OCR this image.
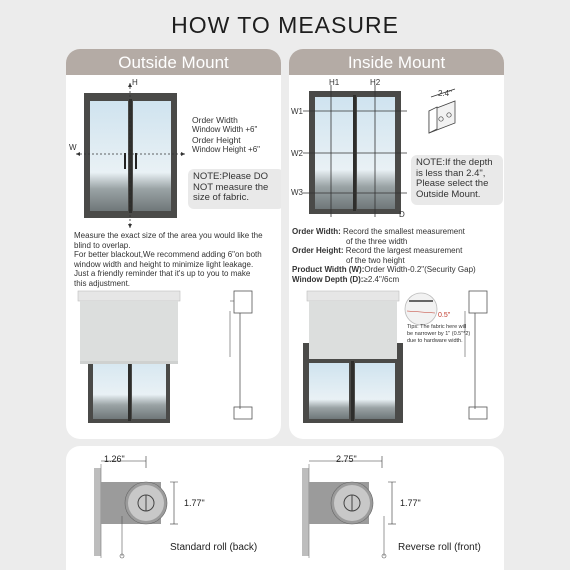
HOW TO MEASURE
Outside Mount
H
W
Order Width
Window Width +6"
Order Height
Window Height +6"
NOTE:Please DO
NOT measure the
size of fabric.
Measure the exact size of the area you would like the
blind to overlap.
For better blackout,We recommend adding 6"on both
window width and height to minimize light leakage.
Just a friendly reminder that it's up to you to make
this adjustment.
Inside Mount
H1	H2
W1
W2
W3
D
2.4"
NOTE:If the depth
is less than 2.4",
Please select the
Outside Mount.
Order Width: Record the smallest measurement
of the three width
Order Height: Record the largest measurement
of the two height
Product Width (W):Order Width-0.2"(Security Gap)
Window Depth (D):≥2.4"/6cm
0.5"
Tips: The fabric here will
be narrower by 1" (0.5"*2)
due to hardware width.
1.26"
1.77"
Standard roll (back)
2.75"
1.77"
Reverse roll (front)
